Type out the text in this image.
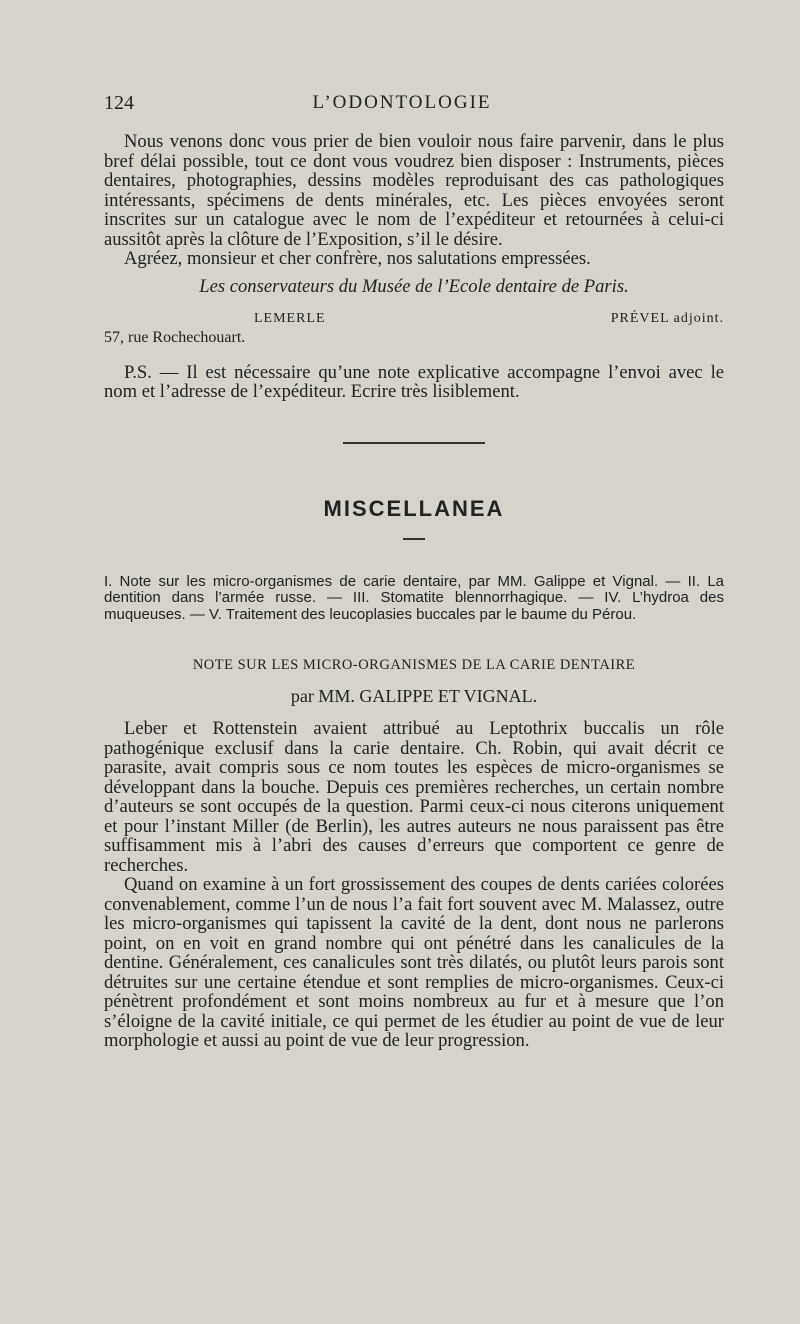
124	L’ODONTOLOGIE

Nous venons donc vous prier de bien vouloir nous faire parvenir, dans le plus bref délai possible, tout ce dont vous voudrez bien disposer : Instruments, pièces dentaires, photographies, dessins modèles reproduisant des cas pathologiques intéressants, spécimens de dents minérales, etc. Les pièces envoyées seront inscrites sur un catalogue avec le nom de l’expéditeur et retournées à celui-ci aussitôt après la clôture de l’Exposition, s’il le désire.

Agréez, monsieur et cher confrère, nos salutations empressées.

Les conservateurs du Musée de l’Ecole dentaire de Paris.

LEMERLE	PRÉVEL adjoint.

57, rue Rochechouart.

P.S. — Il est nécessaire qu’une note explicative accompagne l’envoi avec le nom et l’adresse de l’expéditeur. Ecrire très lisiblement.

MISCELLANEA

I. Note sur les micro-organismes de carie dentaire, par MM. Galippe et Vignal. — II. La dentition dans l’armée russe. — III. Stomatite blennorrhagique. — IV. L’hydroa des muqueuses. — V. Traitement des leucoplasies buccales par le baume du Pérou.

NOTE SUR LES MICRO-ORGANISMES DE LA CARIE DENTAIRE

par MM. GALIPPE ET VIGNAL.

Leber et Rottenstein avaient attribué au Leptothrix buccalis un rôle pathogénique exclusif dans la carie dentaire. Ch. Robin, qui avait décrit ce parasite, avait compris sous ce nom toutes les espèces de micro-organismes se développant dans la bouche. Depuis ces premières recherches, un certain nombre d’auteurs se sont occupés de la question. Parmi ceux-ci nous citerons uniquement et pour l’instant Miller (de Berlin), les autres auteurs ne nous paraissent pas être suffisamment mis à l’abri des causes d’erreurs que comportent ce genre de recherches.

Quand on examine à un fort grossissement des coupes de dents cariées colorées convenablement, comme l’un de nous l’a fait fort souvent avec M. Malassez, outre les micro-organismes qui tapissent la cavité de la dent, dont nous ne parlerons point, on en voit en grand nombre qui ont pénétré dans les canalicules de la dentine. Généralement, ces canalicules sont très dilatés, ou plutôt leurs parois sont détruites sur une certaine étendue et sont remplies de micro-organismes. Ceux-ci pénètrent profondément et sont moins nombreux au fur et à mesure que l’on s’éloigne de la cavité initiale, ce qui permet de les étudier au point de vue de leur morphologie et aussi au point de vue de leur progression.
